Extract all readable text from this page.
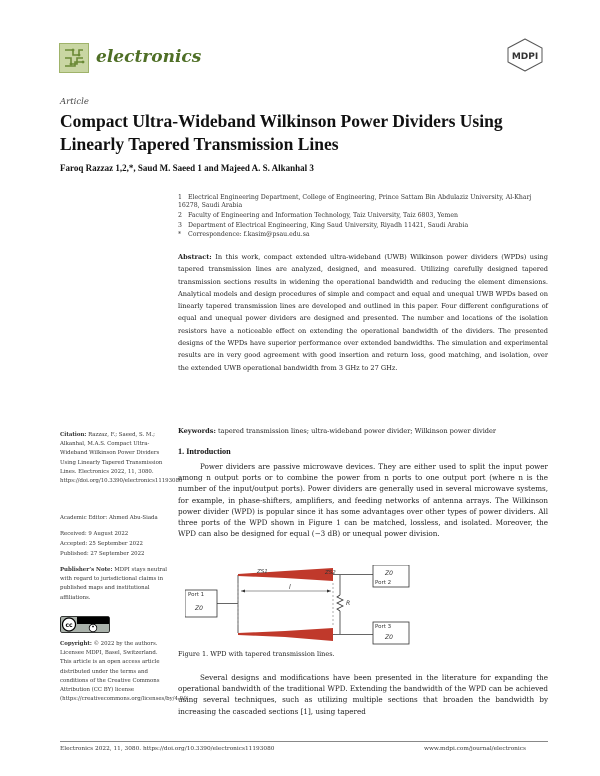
electronics	MDPI
Article
Compact Ultra-Wideband Wilkinson Power Dividers Using Linearly Tapered Transmission Lines
Faroq Razzaz 1,2,*, Saud M. Saeed 1 and Majeed A. S. Alkanhal 3
1 Electrical Engineering Department, College of Engineering, Prince Sattam Bin Abdulaziz University, Al-Kharj 16278, Saudi Arabia
2 Faculty of Engineering and Information Technology, Taiz University, Taiz 6803, Yemen
3 Department of Electrical Engineering, King Saud University, Riyadh 11421, Saudi Arabia
* Correspondence: f.kasim@psau.edu.sa
Abstract: In this work, compact extended ultra-wideband (UWB) Wilkinson power dividers (WPDs) using tapered transmission lines are analyzed, designed, and measured. Utilizing carefully designed tapered transmission sections results in widening the operational bandwidth and reducing the element dimensions. Analytical models and design procedures of simple and compact and equal and unequal UWB WPDs based on linearly tapered transmission lines are developed and outlined in this paper. Four different configurations of equal and unequal power dividers are designed and presented. The number and locations of the isolation resistors have a noticeable effect on extending the operational bandwidth of the dividers. The presented designs of the WPDs have superior performance over extended bandwidths. The simulation and experimental results are in very good agreement with good insertion and return loss, good matching, and isolation, over the extended UWB operational bandwidth from 3 GHz to 27 GHz.
Keywords: tapered transmission lines; ultra-wideband power divider; Wilkinson power divider
Citation: Razzaz, F.; Saeed, S. M.; Alkanhal, M.A.S. Compact Ultra-Wideband Wilkinson Power Dividers Using Linearly Tapered Transmission Lines. Electronics 2022, 11, 3080. https://doi.org/10.3390/electronics11193080
Academic Editor: Ahmed Abu-Siada
Received: 9 August 2022
Accepted: 25 September 2022
Published: 27 September 2022
Publisher’s Note: MDPI stays neutral with regard to jurisdictional claims in published maps and institutional affiliations.
cc
Copyright: © 2022 by the authors. Licensee MDPI, Basel, Switzerland. This article is an open access article distributed under the terms and conditions of the Creative Commons Attribution (CC BY) license (https://creativecommons.org/licenses/by/4.0/).
1. Introduction
Power dividers are passive microwave devices. They are either used to split the input power among n output ports or to combine the power from n ports to one output port (where n is the number of the input/output ports). Power dividers are generally used in several microwave systems, for example, in phase-shifters, amplifiers, and feeding networks of antenna arrays. The Wilkinson power divider (WPD) is popular since it has some advantages over other types of power dividers. All three ports of the WPD shown in Figure 1 can be matched, lossless, and isolated. Moreover, the WPD can also be designed for equal (−3 dB) or unequal power division.
Port 1
Z0
ZS1	ZS2
l
R
Z0
Port 2
Port 3
Z0
Figure 1. WPD with tapered transmission lines.
Several designs and modifications have been presented in the literature for expanding the operational bandwidth of the traditional WPD. Extending the bandwidth of the WPD can be achieved using several techniques, such as utilizing multiple sections that broaden the bandwidth by increasing the cascaded sections [1], using tapered
Electronics 2022, 11, 3080. https://doi.org/10.3390/electronics11193080	www.mdpi.com/journal/electronics
